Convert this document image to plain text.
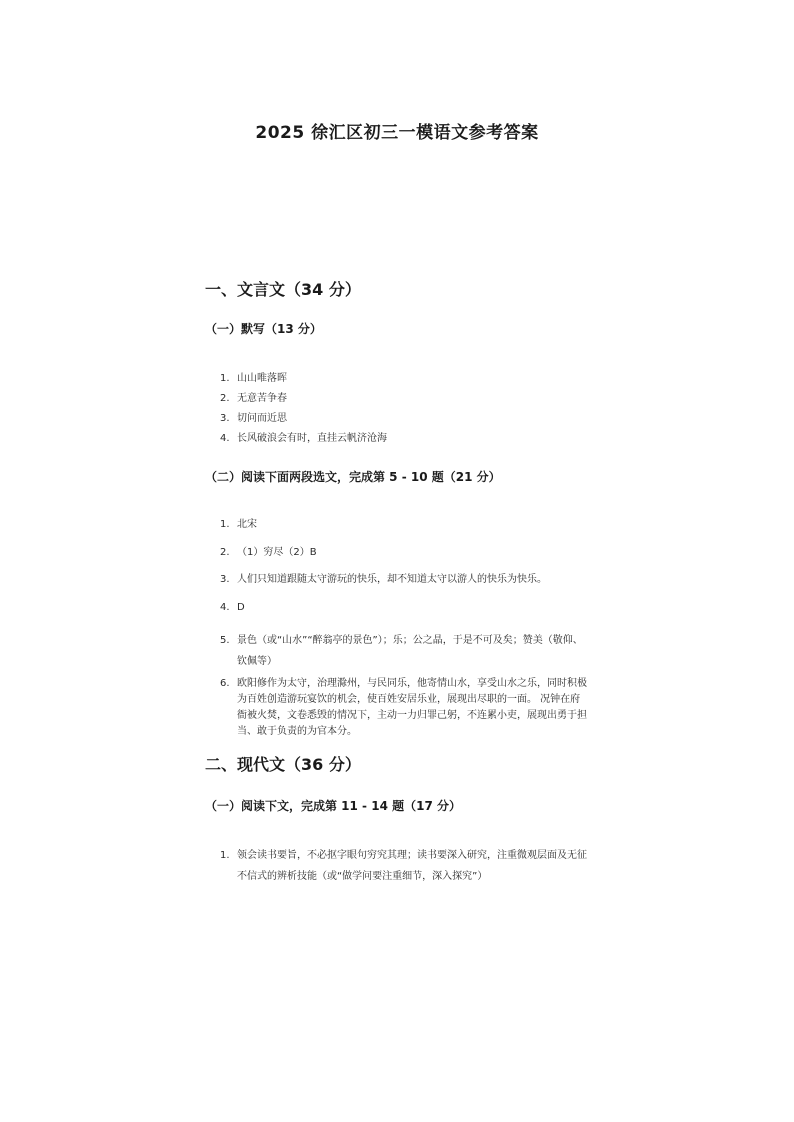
2025 徐汇区初三一模语文参考答案
一、文言文（34 分）
（一）默写（13 分）
1. 山山唯落晖
2. 无意苦争春
3. 切问而近思
4. 长风破浪会有时，直挂云帆济沧海
（二）阅读下面两段选文，完成第 5 - 10 题（21 分）
1. 北宋
2. （1）穷尽（2）B
3. 人们只知道跟随太守游玩的快乐，却不知道太守以游人的快乐为快乐。
4. D
5. 景色（或“山水”“醉翁亭的景色”）；乐；公之晶，于是不可及矣；赞美（敬仰、钦佩等）
6. 欧阳修作为太守，治理滁州，与民同乐，他寄情山水，享受山水之乐，同时积极为百姓创造游玩宴饮的机会，使百姓安居乐业，展现出尽职的一面。 况钟在府衙被火焚，文卷悉毁的情况下，主动一力归罪己躬，不连累小吏，展现出勇于担当、敢于负责的为官本分。
二、现代文（36 分）
（一）阅读下文，完成第 11 - 14 题（17 分）
1. 领会读书要旨，不必抠字眼句穷究其理；读书要深入研究，注重微观层面及无征不信式的辨析技能（或“做学问要注重细节，深入探究”）
